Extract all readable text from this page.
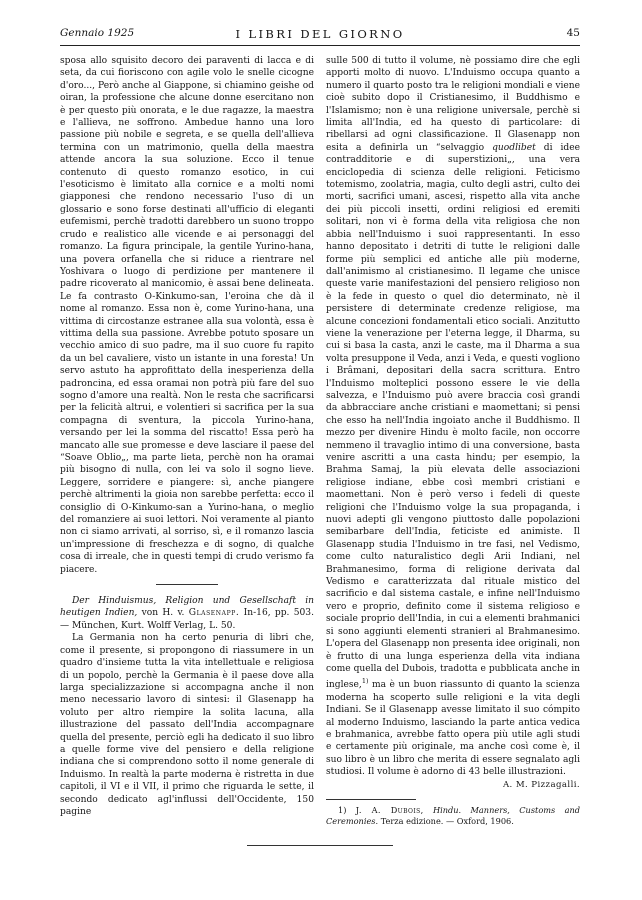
Gennaio 1925	I LIBRI DEL GIORNO	45

sposa allo squisito decoro dei paraventi di lacca e di seta, da cui fioriscono con agile volo le snelle cicogne d'oro..., Però anche al Giappone, si chiamino geishe od oiran, la professione che alcune donne esercitano non è per questo più onorata, e le due ragazze, la maestra e l'allieva, ne soffrono. Ambedue hanno una loro passione più nobile e segreta, e se quella dell'allieva termina con un matrimonio, quella della maestra attende ancora la sua soluzione. Ecco il tenue contenuto di questo romanzo esotico, in cui l'esoticismo è limitato alla cornice e a molti nomi giapponesi che rendono necessario l'uso di un glossario e sono forse destinati all'ufficio di eleganti eufemismi, perchè tradotti darebbero un suono troppo crudo e realistico alle vicende e ai personaggi del romanzo. La figura principale, la gentile Yurino-hana, una povera orfanella che si riduce a rientrare nel Yoshivara o luogo di perdizione per mantenere il padre ricoverato al manicomio, è assai bene delineata. Le fa contrasto O-Kinkumo-san, l'eroina che dà il nome al romanzo. Essa non è, come Yurino-hana, una vittima di circostanze estranee alla sua volontà, essa è vittima della sua passione. Avrebbe potuto sposare un vecchio amico di suo padre, ma il suo cuore fu rapito da un bel cavaliere, visto un istante in una foresta! Un servo astuto ha approfittato della inesperienza della padroncina, ed essa oramai non potrà più fare del suo sogno d'amore una realtà. Non le resta che sacrificarsi per la felicità altrui, e volentieri si sacrifica per la sua compagna di sventura, la piccola Yurino-hana, versando per lei la somma del riscatto! Essa però ha mancato alle sue promesse e deve lasciare il paese del “Soave Oblio„, ma parte lieta, perchè non ha oramai più bisogno di nulla, con lei va solo il sogno lieve. Leggere, sorridere e piangere: sì, anche piangere perchè altrimenti la gioia non sarebbe perfetta: ecco il consiglio di O-Kinkumo-san a Yurino-hana, o meglio del romanziere ai suoi lettori. Noi veramente al pianto non ci siamo arrivati, al sorriso, sì, e il romanzo lascia un'impressione di freschezza e di sogno, di qualche cosa di irreale, che in questi tempi di crudo verismo fa piacere.

Der Hinduismus, Religion und Gesellschaft in heutigen Indien, von H. v. Glasenapp. In-16, pp. 503. — München, Kurt. Wolff Verlag, L. 50.

La Germania non ha certo penuria di libri che, come il presente, si propongono di riassumere in un quadro d'insieme tutta la vita intellettuale e religiosa di un popolo, perchè la Germania è il paese dove alla larga specializzazione si accompagna anche il non meno necessario lavoro di sintesi: il Glasenapp ha voluto per altro riempire la solita lacuna, alla illustrazione del passato dell'India accompagnare quella del presente, perciò egli ha dedicato il suo libro a quelle forme vive del pensiero e della religione indiana che si comprendono sotto il nome generale di Induismo. In realtà la parte moderna è ristretta in due capitoli, il VI e il VII, il primo che riguarda le sette, il secondo dedicato agl'influssi dell'Occidente, 150 pagine

sulle 500 di tutto il volume, nè possiamo dire che egli apporti molto di nuovo. L'Induismo occupa quanto a numero il quarto posto tra le religioni mondiali e viene cioè subito dopo il Cristianesimo, il Buddhismo e l'Islamismo; non è una religione universale, perchè si limita all'India, ed ha questo di particolare: di ribellarsi ad ogni classificazione. Il Glasenapp non esita a definirla un “selvaggio quodlibet di idee contradditorie e di superstizioni„, una vera enciclopedia di scienza delle religioni. Feticismo totemismo, zoolatria, magia, culto degli astri, culto dei morti, sacrifici umani, ascesi, rispetto alla vita anche dei più piccoli insetti, ordini religiosi ed eremiti solitari, non vi è forma della vita religiosa che non abbia nell'Induismo i suoi rappresentanti. In esso hanno depositato i detriti di tutte le religioni dalle forme più semplici ed antiche alle più moderne, dall'animismo al cristianesimo. Il legame che unisce queste varie manifestazioni del pensiero religioso non è la fede in questo o quel dio determinato, nè il persistere di determinate credenze religiose, ma alcune concezioni fondamentali etico sociali. Anzitutto viene la venerazione per l'eterna legge, il Dharma, su cui si basa la casta, anzi le caste, ma il Dharma a sua volta presuppone il Veda, anzi i Veda, e questi vogliono i Brâmani, depositari della sacra scrittura. Entro l'Induismo molteplici possono essere le vie della salvezza, e l'Induismo può avere braccia così grandi da abbracciare anche cristiani e maomettani; si pensi che esso ha nell'India ingoiato anche il Buddhismo. Il mezzo per divenire Hindu è molto facile, non occorre nemmeno il travaglio intimo di una conversione, basta venire ascritti a una casta hindu; per esempio, la Brahma Samaj, la più elevata delle associazioni religiose indiane, ebbe così membri cristiani e maomettani. Non è però verso i fedeli di queste religioni che l'Induismo volge la sua propaganda, i nuovi adepti gli vengono piuttosto dalle popolazioni semibarbare dell'India, feticiste ed animiste. Il Glasenapp studia l'Induismo in tre fasi, nel Vedismo, come culto naturalistico degli Arii Indiani, nel Brahmanesimo, forma di religione derivata dal Vedismo e caratterizzata dal rituale mistico del sacrificio e dal sistema castale, e infine nell'Induismo vero e proprio, definito come il sistema religioso e sociale proprio dell'India, in cui a elementi brahmanici si sono aggiunti elementi stranieri al Brahmanesimo. L'opera del Glasenapp non presenta idee originali, non è frutto di una lunga esperienza della vita indiana come quella del Dubois, tradotta e pubblicata anche in inglese,$^{1)}$ ma è un buon riassunto di quanto la scienza moderna ha scoperto sulle religioni e la vita degli Indiani. Se il Glasenapp avesse limitato il suo cómpito al moderno Induismo, lasciando la parte antica vedica e brahmanica, avrebbe fatto opera più utile agli studi e certamente più originale, ma anche così come è, il suo libro è un libro che merita di essere segnalato agli studiosi. Il volume è adorno di 43 belle illustrazioni.

A. M. Pizzagalli.

1) J. A. Dubois, Hindu. Manners, Customs and Ceremonies. Terza edizione. — Oxford, 1906.
